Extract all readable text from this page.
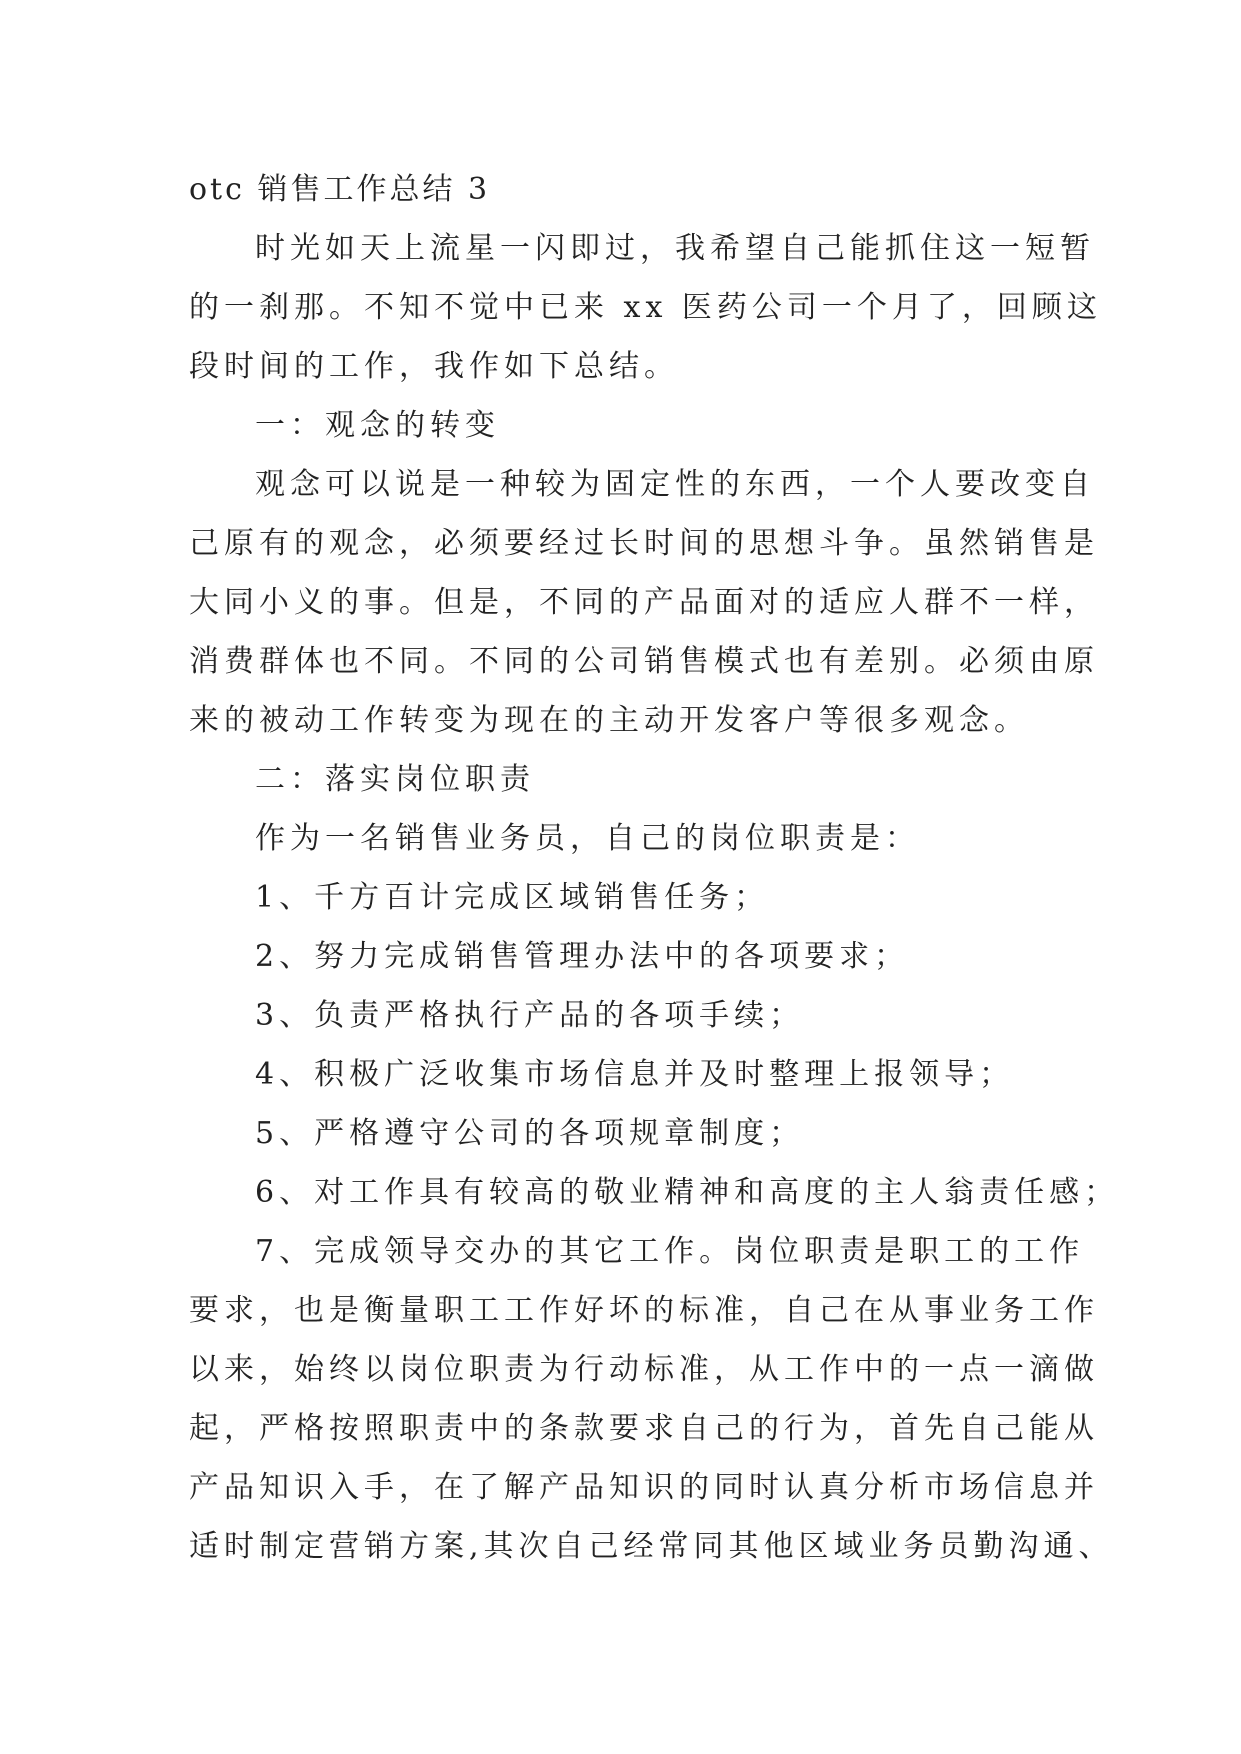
otc 销售工作总结 3

时光如天上流星一闪即过，我希望自己能抓住这一短暂

的一刹那。不知不觉中已来 xx 医药公司一个月了，回顾这

段时间的工作，我作如下总结。

一：观念的转变

观念可以说是一种较为固定性的东西，一个人要改变自

己原有的观念，必须要经过长时间的思想斗争。虽然销售是

大同小义的事。但是，不同的产品面对的适应人群不一样，

消费群体也不同。不同的公司销售模式也有差别。必须由原

来的被动工作转变为现在的主动开发客户等很多观念。

二：落实岗位职责

作为一名销售业务员，自己的岗位职责是：

1、千方百计完成区域销售任务；

2、努力完成销售管理办法中的各项要求；

3、负责严格执行产品的各项手续；

4、积极广泛收集市场信息并及时整理上报领导；

5、严格遵守公司的各项规章制度；

6、对工作具有较高的敬业精神和高度的主人翁责任感；

7、完成领导交办的其它工作。岗位职责是职工的工作

要求，也是衡量职工工作好坏的标准，自己在从事业务工作

以来，始终以岗位职责为行动标准，从工作中的一点一滴做

起，严格按照职责中的条款要求自己的行为，首先自己能从

产品知识入手，在了解产品知识的同时认真分析市场信息并

适时制定营销方案,其次自己经常同其他区域业务员勤沟通、
